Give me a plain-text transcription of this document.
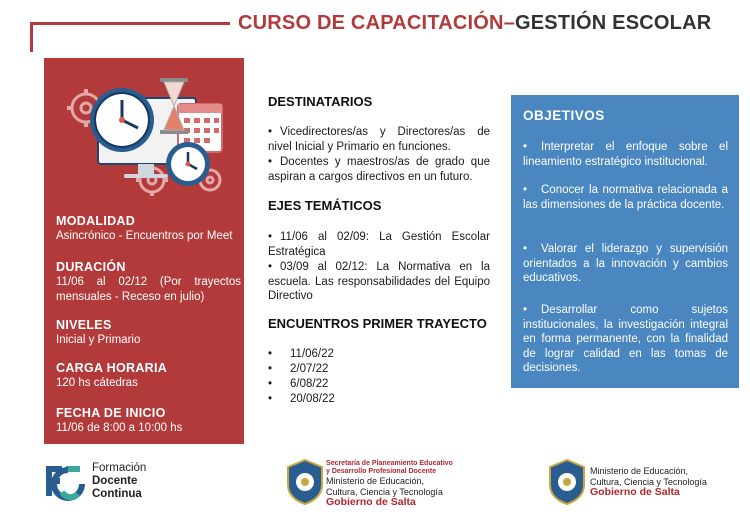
CURSO DE CAPACITACIÓN–GESTIÓN ESCOLAR
MODALIDAD
Asincrónico - Encuentros por Meet
DURACIÓN
11/06 al 02/12 (Por trayectos mensuales - Receso en julio)
NIVELES
Inicial y Primario
CARGA HORARIA
120 hs cátedras
FECHA DE INICIO
11/06 de 8:00 a 10:00 hs
DESTINATARIOS
• Vicedirectores/as y Directores/as de nivel Inicial y Primario en funciones.
• Docentes y maestros/as de grado que aspiran a cargos directivos en un futuro.
EJES TEMÁTICOS
• 11/06 al 02/09: La Gestión Escolar Estratégica
• 03/09 al 02/12: La Normativa en la escuela. Las responsabilidades del Equipo Directivo
ENCUENTROS PRIMER TRAYECTO
• 11/06/22
• 2/07/22
• 6/08/22
• 20/08/22
OBJETIVOS
• Interpretar el enfoque sobre el lineamiento estratégico institucional.
• Conocer la normativa relacionada a las dimensiones de la práctica docente.
• Valorar el liderazgo y supervisión orientados a la innovación y cambios educativos.
• Desarrollar como sujetos institucionales, la investigación integral en forma permanente, con la finalidad de lograr calidad en las tomas de decisiones.
Formación
Docente
Continua
Secretaría de Planeamiento Educativo
y Desarrollo Profesional Docente
Ministerio de Educación,
Cultura, Ciencia y Tecnología
Gobierno de Salta
Ministerio de Educación,
Cultura, Ciencia y Tecnología
Gobierno de Salta
